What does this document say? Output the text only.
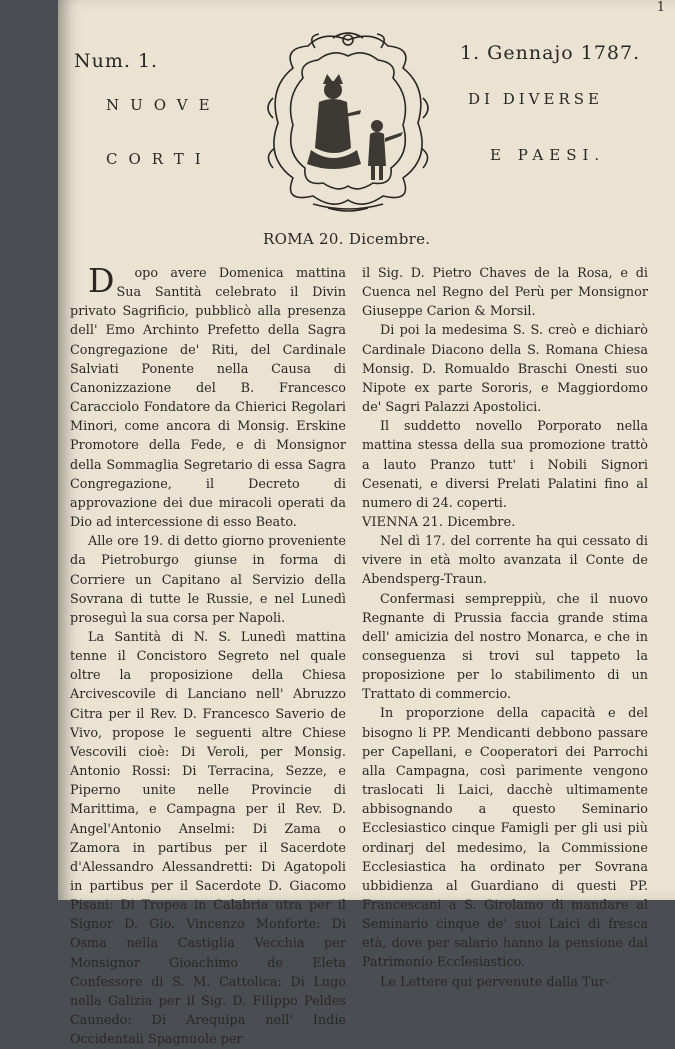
1
Num. 1.	1. Gennajo 1787.
NUOVE
CORTI
DI DIVERSE
E PAESI.
ROMA 20. Dicembre.

Dopo avere Domenica mattina Sua Santità celebrato il Divin privato Sagrificio, pubblicò alla presenza dell' Emo Archinto Prefetto della Sagra Congregazione de' Riti, del Cardinale Salviati Ponente nella Causa di Canonizzazione del B. Francesco Caracciolo Fondatore da Chierici Regolari Minori, come ancora di Monsig. Erskine Promotore della Fede, e di Monsignor della Sommaglia Segretario di essa Sagra Congregazione, il Decreto di approvazione dei due miracoli operati da Dio ad intercessione di esso Beato.

Alle ore 19. di detto giorno proveniente da Pietroburgo giunse in forma di Corriere un Capitano al Servizio della Sovrana di tutte le Russie, e nel Lunedì proseguì la sua corsa per Napoli.

La Santità di N. S. Lunedì mattina tenne il Concistoro Segreto nel quale oltre la proposizione della Chiesa Arcivescovile di Lanciano nell' Abruzzo Citra per il Rev. D. Francesco Saverio de Vivo, propose le seguenti altre Chiese Vescovili cioè: Di Veroli, per Monsig. Antonio Rossi: Di Terracina, Sezze, e Piperno unite nelle Provincie di Marittima, e Campagna per il Rev. D. Angel'Antonio Anselmi: Di Zama o Zamora in partibus per il Sacerdote d'Alessandro Alessandretti: Di Agatopoli in partibus per il Sacerdote D. Giacomo Pisani: Di Tropea in Calabria utra per il Signor D. Gio. Vincenzo Monforte: Di Osma nella Castiglia Vecchia per Monsignor Gioachimo de Eleta Confessore di S. M. Cattolica: Di Lugo nella Galizia per il Sig. D. Filippo Peldes Caunedo: Di Arequipa nell' Indie Occidentali Spagnuole per

il Sig. D. Pietro Chaves de la Rosa, e di Cuenca nel Regno del Perù per Monsignor Giuseppe Carion & Morsil.

Di poi la medesima S. S. creò e dichiarò Cardinale Diacono della S. Romana Chiesa Monsig. D. Romualdo Braschi Onesti suo Nipote ex parte Sororis, e Maggiordomo de' Sagri Palazzi Apostolici.

Il suddetto novello Porporato nella mattina stessa della sua promozione trattò a lauto Pranzo tutt' i Nobili Signori Cesenati, e diversi Prelati Palatini fino al numero di 24. coperti.

VIENNA 21. Dicembre.

Nel dì 17. del corrente ha qui cessato di vivere in età molto avanzata il Conte de Abendsperg-Traun.

Confermasi sempreppiù, che il nuovo Regnante di Prussia faccia grande stima dell' amicizia del nostro Monarca, e che in conseguenza si trovi sul tappeto la proposizione per lo stabilimento di un Trattato di commercio.

In proporzione della capacità e del bisogno li PP. Mendicanti debbono passare per Capellani, e Cooperatori dei Parrochi alla Campagna, così parimente vengono traslocati li Laici, dacchè ultimamente abbisognando a questo Seminario Ecclesiastico cinque Famigli per gli usi più ordinarj del medesimo, la Commissione Ecclesiastica ha ordinato per Sovrana ubbidienza al Guardiano di questi PP. Francescani a S. Girolamo di mandare al Seminario cinque de' suoi Laici di fresca età, dove per salario hanno la pensione dal Patrimonio Ecclesiastico.

Le Lettere qui pervenute dalla Tur-
